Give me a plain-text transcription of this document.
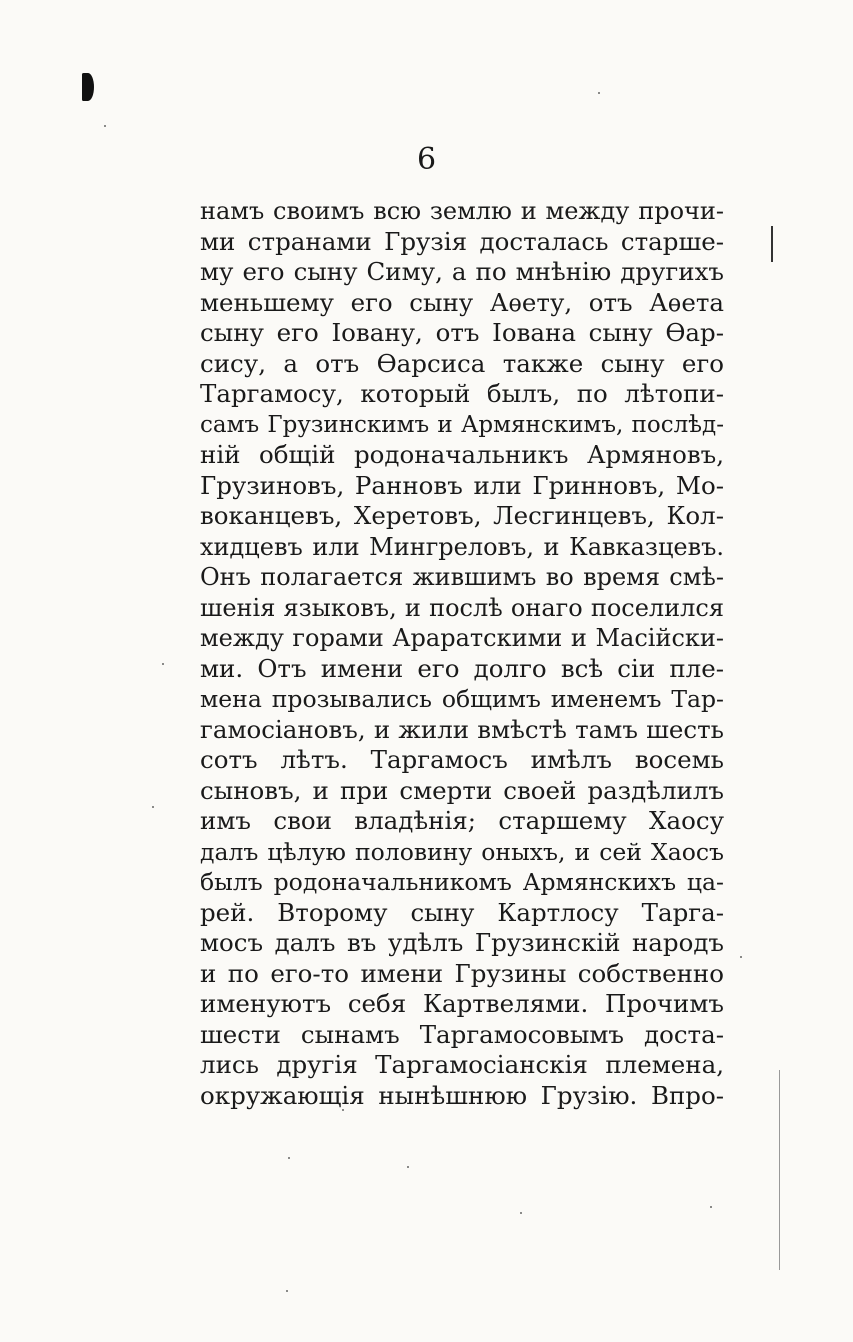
6
намъ своимъ всю землю и между прочи-
ми странами Грузія досталась старше-
му его сыну Симу, а по мнѣнію другихъ
меньшему его сыну Аѳету, отъ Аѳета
сыну его Іовану, отъ Іована сыну Ѳар-
сису, а отъ Ѳарсиса также сыну его
Таргамосу, который былъ, по лѣтопи-
самъ Грузинскимъ и Армянскимъ, послѣд-
ній общій родоначальникъ Армяновъ,
Грузиновъ, Ранновъ или Гринновъ, Мо-
воканцевъ, Херетовъ, Лесгинцевъ, Кол-
хидцевъ или Мингреловъ, и Кавказцевъ.
Онъ полагается жившимъ во время смѣ-
шенія языковъ, и послѣ онаго поселился
между горами Араратскими и Масійски-
ми. Отъ имени его долго всѣ сіи пле-
мена прозывались общимъ именемъ Тар-
гамосіановъ, и жили вмѣстѣ тамъ шесть
сотъ лѣтъ. Таргамосъ имѣлъ восемь
сыновъ, и при смерти своей раздѣлилъ
имъ свои владѣнія; старшему Хаосу
далъ цѣлую половину оныхъ, и сей Хаосъ
былъ родоначальникомъ Армянскихъ ца-
рей. Второму сыну Картлосу Тарга-
мосъ далъ въ удѣлъ Грузинскій народъ
и по его-то имени Грузины собственно
именуютъ себя Картвелями. Прочимъ
шести сынамъ Таргамосовымъ доста-
лись другія Таргамосіанскія племена,
окружающія нынѣшнюю Грузію. Впро-
